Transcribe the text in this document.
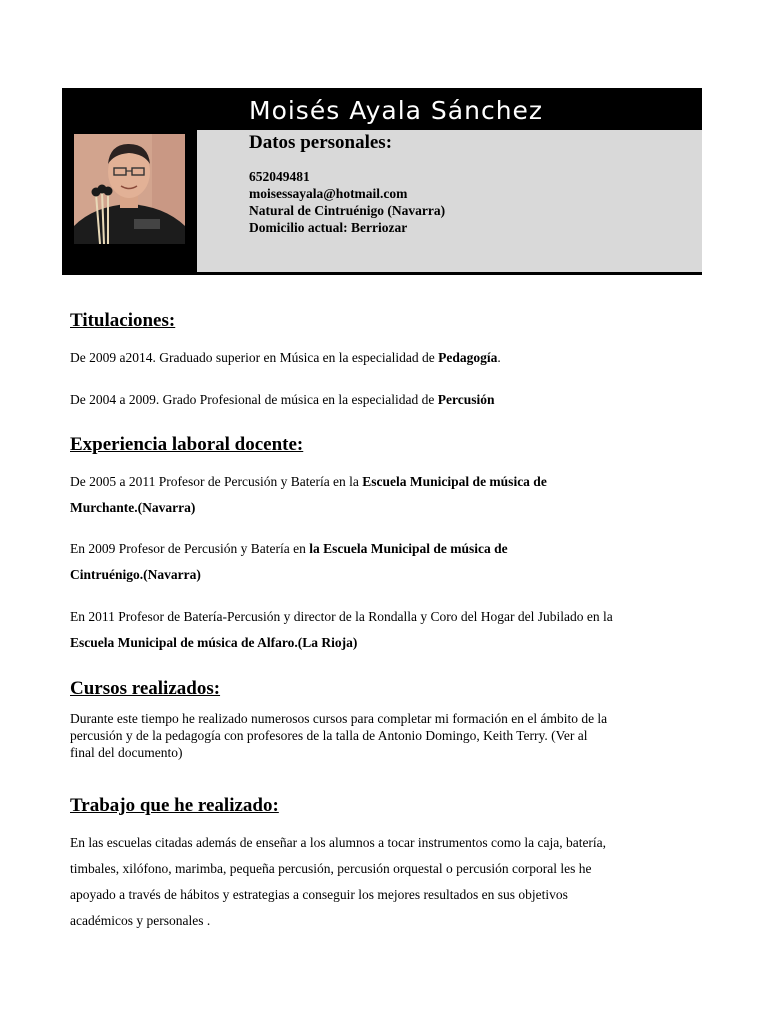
Moisés Ayala Sánchez
Datos personales:
652049481
moisessayala@hotmail.com
Natural de Cintruénigo (Navarra)
Domicilio actual: Berriozar
Titulaciones:

De 2009 a2014. Graduado superior en Música en la especialidad de Pedagogía.

De 2004 a 2009. Grado Profesional de música en la especialidad de Percusión

Experiencia laboral docente:

De 2005 a 2011 Profesor de Percusión y Batería en la Escuela Municipal de música de
Murchante.(Navarra)

En 2009 Profesor de Percusión y Batería en la Escuela Municipal de música de
Cintruénigo.(Navarra)

En 2011 Profesor de Batería-Percusión y director de la Rondalla y Coro del Hogar del Jubilado en la
Escuela Municipal de música de Alfaro.(La Rioja)

Cursos realizados:
Durante este tiempo he realizado numerosos cursos para completar mi formación en el ámbito de la
percusión y de la pedagogía con profesores de la talla de Antonio Domingo, Keith Terry. (Ver al
final del documento)
Trabajo que he realizado:
En las escuelas citadas además de enseñar a los alumnos a tocar instrumentos como la caja, batería,
timbales, xilófono, marimba, pequeña percusión, percusión orquestal o percusión corporal les he
apoyado a través de hábitos y estrategias a conseguir los mejores resultados en sus objetivos
académicos y personales .
